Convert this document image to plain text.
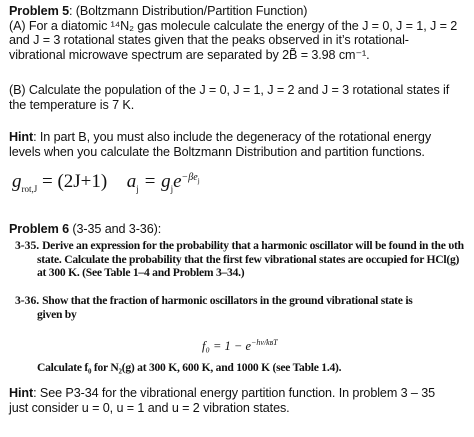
Problem 5: (Boltzmann Distribution/Partition Function)
(A) For a diatomic ¹⁴N₂ gas molecule calculate the energy of the J = 0, J = 1, J = 2
and J = 3 rotational states given that the peaks observed in it’s rotational-
vibrational microwave spectrum are separated by 2B̃ = 3.98 cm⁻¹.
(B) Calculate the population of the J = 0, J = 1, J = 2 and J = 3 rotational states if
the temperature is 7 K.
Hint: In part B, you must also include the degeneracy of the rotational energy
levels when you calculate the Boltzmann Distribution and partition functions.
$g_{rot,J} = (2J+1) a_j = g_je^{-\beta e_j}$
Problem 6 (3-35 and 3-36):
3-35. Derive an expression for the probability that a harmonic oscillator will be found in the υth
state. Calculate the probability that the first few vibrational states are occupied for HCl(g)
at 300 K. (See Table 1–4 and Problem 3–34.)
3-36. Show that the fraction of harmonic oscillators in the ground vibrational state is
given by
$f_0 = 1 - e^{-h\nu/kʙT}$
Calculate f₀ for N₂(g) at 300 K, 600 K, and 1000 K (see Table 1.4).
Hint: See P3-34 for the vibrational energy partition function. In problem 3 – 35
just consider u = 0, u = 1 and u = 2 vibration states.
